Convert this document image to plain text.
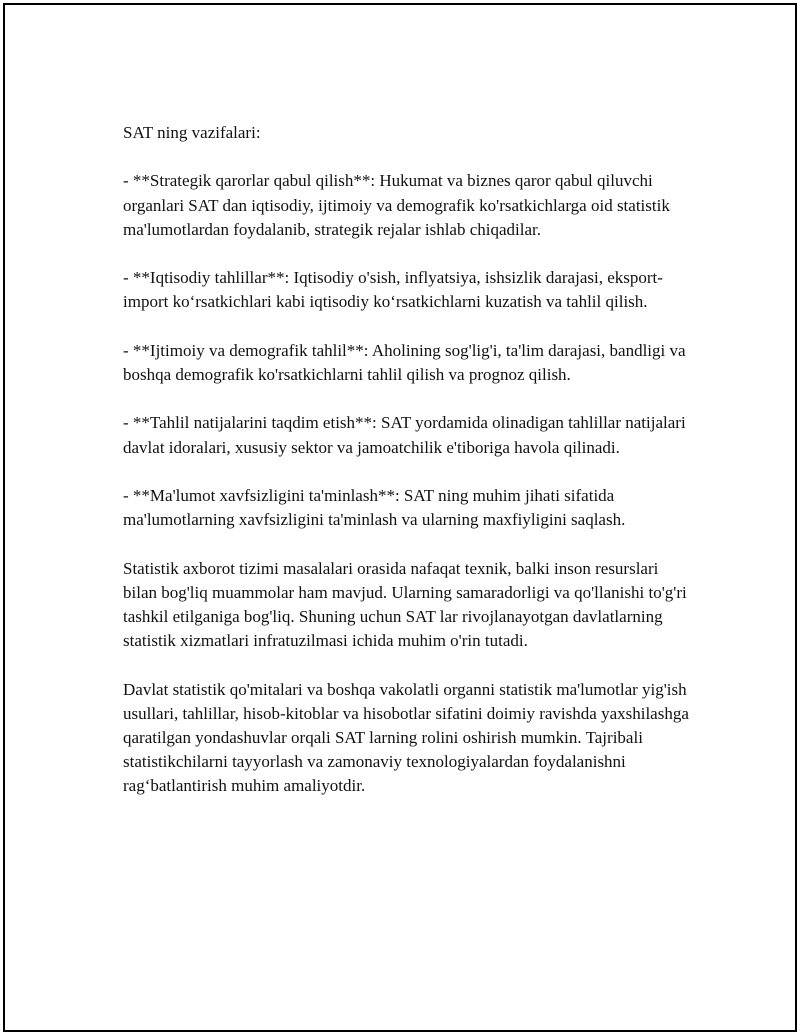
SAT ning vazifalari:

- **Strategik qarorlar qabul qilish**: Hukumat va biznes qaror qabul qiluvchi organlari SAT dan iqtisodiy, ijtimoiy va demografik ko'rsatkichlarga oid statistik ma'lumotlardan foydalanib, strategik rejalar ishlab chiqadilar.

- **Iqtisodiy tahlillar**: Iqtisodiy o'sish, inflyatsiya, ishsizlik darajasi, eksport-import ko‘rsatkichlari kabi iqtisodiy ko‘rsatkichlarni kuzatish va tahlil qilish.

- **Ijtimoiy va demografik tahlil**: Aholining sog'lig'i, ta'lim darajasi, bandligi va boshqa demografik ko'rsatkichlarni tahlil qilish va prognoz qilish.

- **Tahlil natijalarini taqdim etish**: SAT yordamida olinadigan tahlillar natijalari davlat idoralari, xususiy sektor va jamoatchilik e'tiboriga havola qilinadi.

- **Ma'lumot xavfsizligini ta'minlash**: SAT ning muhim jihati sifatida ma'lumotlarning xavfsizligini ta'minlash va ularning maxfiyligini saqlash.

Statistik axborot tizimi masalalari orasida nafaqat texnik, balki inson resurslari bilan bog'liq muammolar ham mavjud. Ularning samaradorligi va qo'llanishi to'g'ri tashkil etilganiga bog'liq. Shuning uchun SAT lar rivojlanayotgan davlatlarning statistik xizmatlari infratuzilmasi ichida muhim o'rin tutadi.

Davlat statistik qo'mitalari va boshqa vakolatli organni statistik ma'lumotlar yig'ish usullari, tahlillar, hisob-kitoblar va hisobotlar sifatini doimiy ravishda yaxshilashga qaratilgan yondashuvlar orqali SAT larning rolini oshirish mumkin. Tajribali statistikchilarni tayyorlash va zamonaviy texnologiyalardan foydalanishni rag‘batlantirish muhim amaliyotdir.
